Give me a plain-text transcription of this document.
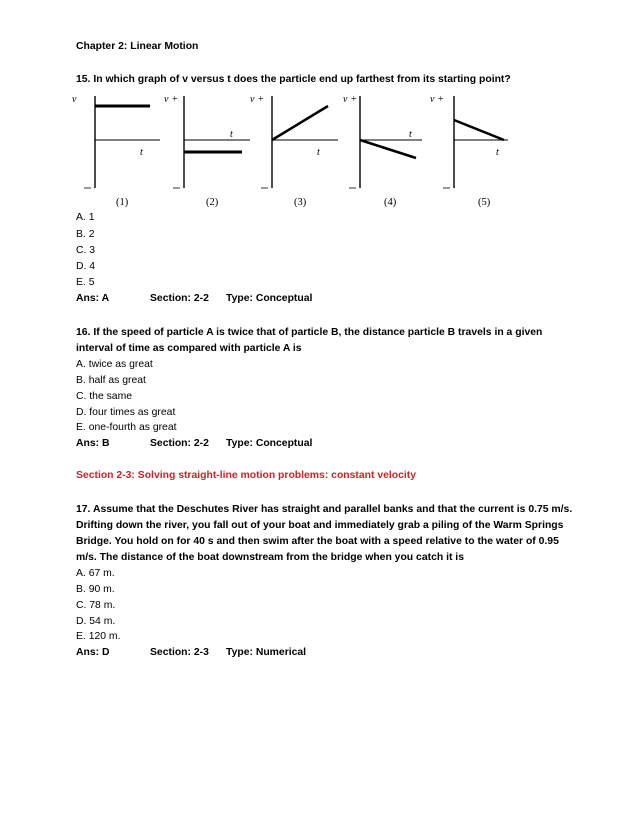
Chapter 2: Linear Motion
15. In which graph of v versus t does the particle end up farthest from its starting point?
v
t
(1)
v +
t
(2)
v +
t
(3)
v +
t
(4)
v +
t
(5)
A. 1
B. 2
C. 3
D. 4
E. 5
Ans: A	Section: 2-2 Type: Conceptual
16. If the speed of particle A is twice that of particle B, the distance particle B travels in a given
interval of time as compared with particle A is
A. twice as great
B. half as great
C. the same
D. four times as great
E. one-fourth as great
Ans: B	Section: 2-2 Type: Conceptual
Section 2-3: Solving straight-line motion problems: constant velocity
17. Assume that the Deschutes River has straight and parallel banks and that the current is 0.75 m/s.
Drifting down the river, you fall out of your boat and immediately grab a piling of the Warm Springs
Bridge. You hold on for 40 s and then swim after the boat with a speed relative to the water of 0.95
m/s. The distance of the boat downstream from the bridge when you catch it is
A. 67 m.
B. 90 m.
C. 78 m.
D. 54 m.
E. 120 m.
Ans: D	Section: 2-3 Type: Numerical
